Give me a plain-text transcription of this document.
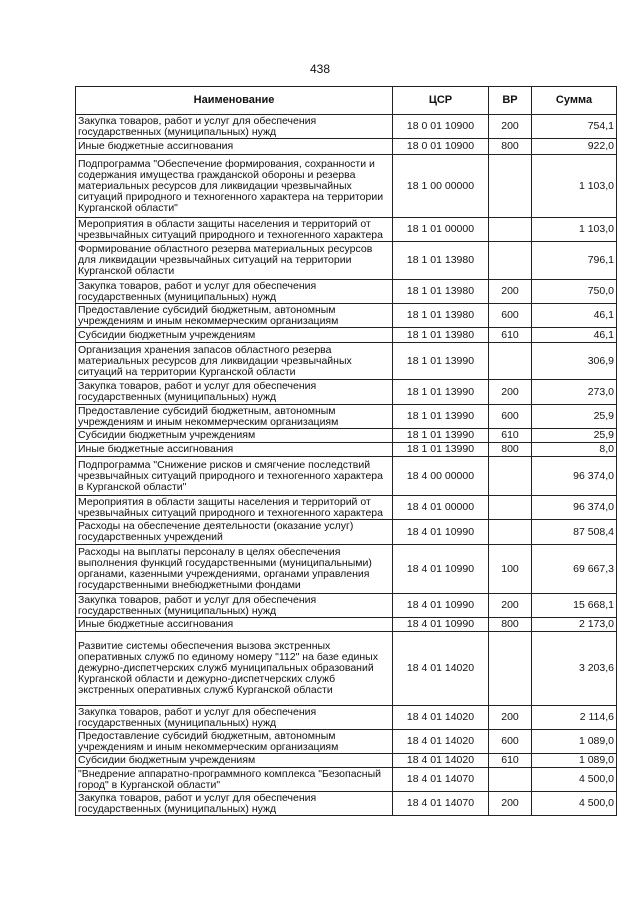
438
Наименование	ЦСР	ВР	Сумма
Закупка товаров, работ и услуг для обеспечения государственных (муниципальных) нужд	18 0 01 10900	200	754,1
Иные бюджетные ассигнования	18 0 01 10900	800	922,0
Подпрограмма "Обеспечение формирования, сохранности и содержания имущества гражданской обороны и резерва материальных ресурсов для ликвидации чрезвычайных ситуаций природного и техногенного характера на территории Курганской области"	18 1 00 00000		1 103,0
Мероприятия в области защиты населения и территорий от чрезвычайных ситуаций природного и техногенного характера	18 1 01 00000		1 103,0
Формирование областного резерва материальных ресурсов для ликвидации чрезвычайных ситуаций на территории Курганской области	18 1 01 13980		796,1
Закупка товаров, работ и услуг для обеспечения государственных (муниципальных) нужд	18 1 01 13980	200	750,0
Предоставление субсидий бюджетным, автономным учреждениям и иным некоммерческим организациям	18 1 01 13980	600	46,1
Субсидии бюджетным учреждениям	18 1 01 13980	610	46,1
Организация хранения запасов областного резерва материальных ресурсов для ликвидации чрезвычайных ситуаций на территории Курганской области	18 1 01 13990		306,9
Закупка товаров, работ и услуг для обеспечения государственных (муниципальных) нужд	18 1 01 13990	200	273,0
Предоставление субсидий бюджетным, автономным учреждениям и иным некоммерческим организациям	18 1 01 13990	600	25,9
Субсидии бюджетным учреждениям	18 1 01 13990	610	25,9
Иные бюджетные ассигнования	18 1 01 13990	800	8,0
Подпрограмма "Снижение рисков и смягчение последствий чрезвычайных ситуаций природного и техногенного характера в Курганской области"	18 4 00 00000		96 374,0
Мероприятия в области защиты населения и территорий от чрезвычайных ситуаций природного и техногенного характера	18 4 01 00000		96 374,0
Расходы на обеспечение деятельности (оказание услуг) государственных учреждений	18 4 01 10990		87 508,4
Расходы на выплаты персоналу в целях обеспечения выполнения функций государственными (муниципальными) органами, казенными учреждениями, органами управления государственными внебюджетными фондами	18 4 01 10990	100	69 667,3
Закупка товаров, работ и услуг для обеспечения государственных (муниципальных) нужд	18 4 01 10990	200	15 668,1
Иные бюджетные ассигнования	18 4 01 10990	800	2 173,0
Развитие системы обеспечения вызова экстренных оперативных служб по единому номеру "112" на базе единых дежурно-диспетчерских служб муниципальных образований Курганской области и дежурно-диспетчерских служб экстренных оперативных служб Курганской области	18 4 01 14020		3 203,6
Закупка товаров, работ и услуг для обеспечения государственных (муниципальных) нужд	18 4 01 14020	200	2 114,6
Предоставление субсидий бюджетным, автономным учреждениям и иным некоммерческим организациям	18 4 01 14020	600	1 089,0
Субсидии бюджетным учреждениям	18 4 01 14020	610	1 089,0
"Внедрение аппаратно-программного комплекса "Безопасный город" в Курганской области"	18 4 01 14070		4 500,0
Закупка товаров, работ и услуг для обеспечения государственных (муниципальных) нужд	18 4 01 14070	200	4 500,0
